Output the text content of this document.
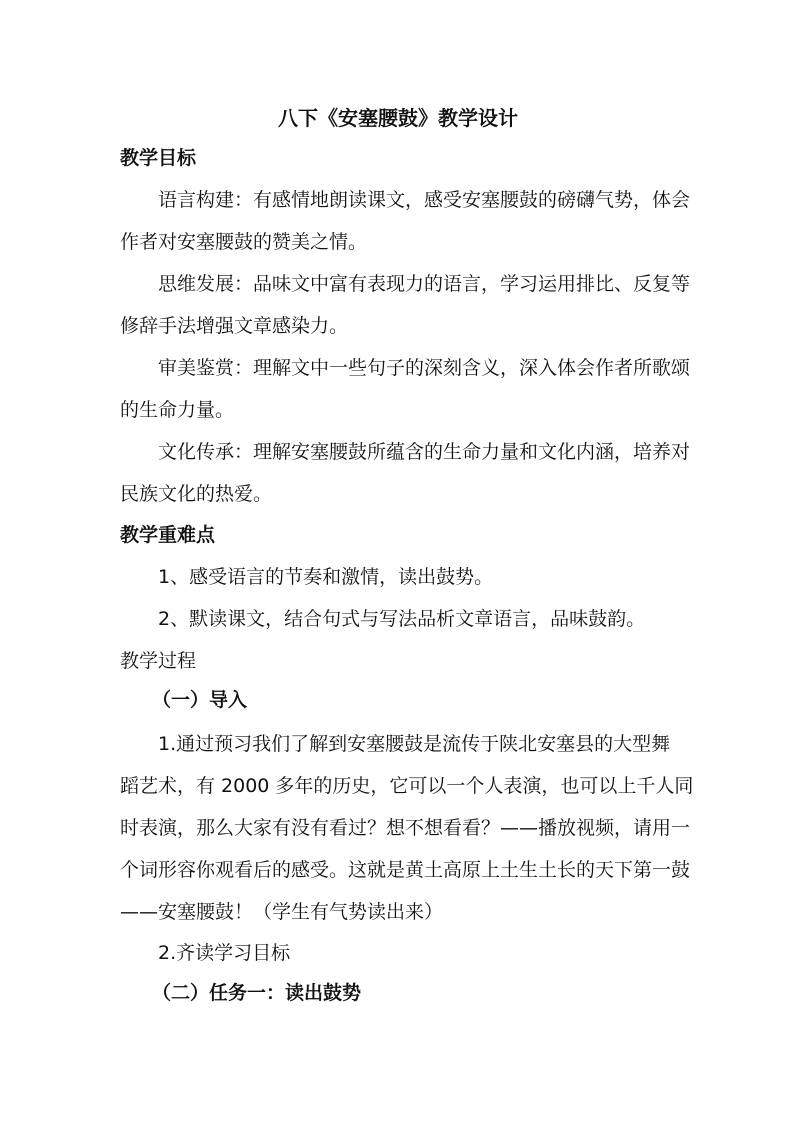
八下《安塞腰鼓》教学设计
教学目标
语言构建：有感情地朗读课文，感受安塞腰鼓的磅礴气势，体会
作者对安塞腰鼓的赞美之情。
思维发展：品味文中富有表现力的语言，学习运用排比、反复等
修辞手法增强文章感染力。
审美鉴赏：理解文中一些句子的深刻含义，深入体会作者所歌颂
的生命力量。
文化传承：理解安塞腰鼓所蕴含的生命力量和文化内涵，培养对
民族文化的热爱。
教学重难点
1、感受语言的节奏和激情，读出鼓势。
2、默读课文，结合句式与写法品析文章语言，品味鼓韵。
教学过程
（一）导入
1.通过预习我们了解到安塞腰鼓是流传于陕北安塞县的大型舞
蹈艺术，有 2000 多年的历史，它可以一个人表演，也可以上千人同
时表演，那么大家有没有看过？想不想看看？——播放视频，请用一
个词形容你观看后的感受。这就是黄土高原上土生土长的天下第一鼓
——安塞腰鼓！（学生有气势读出来）
2.齐读学习目标
（二）任务一：读出鼓势
